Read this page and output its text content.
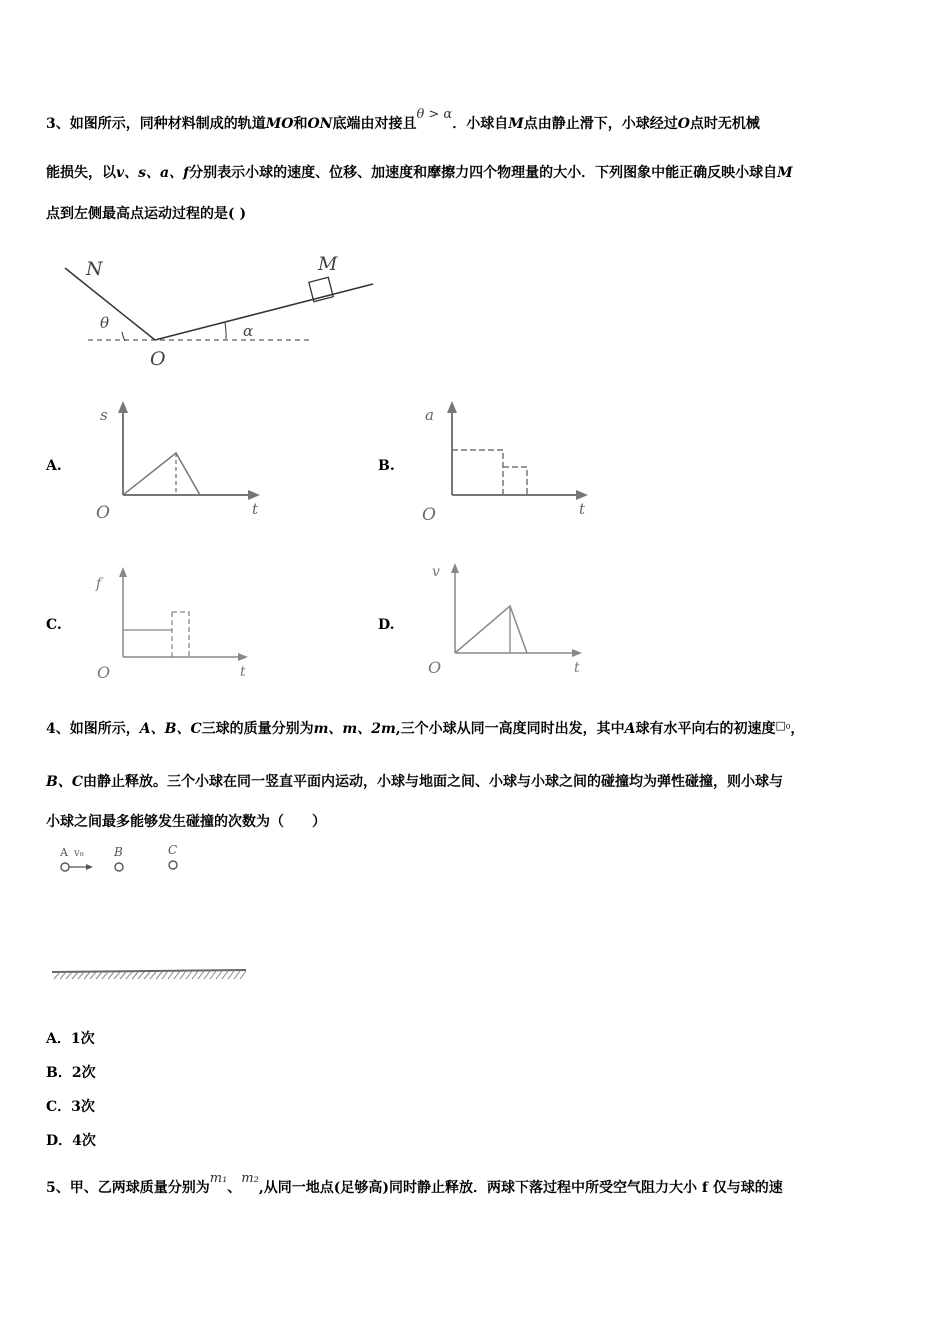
3、如图所示，同种材料制成的轨道MO和ON底端由对接且θ > α．小球自M点由静止滑下，小球经过O点时无机械
能损失，以v、s、a、f分别表示小球的速度、位移、加速度和摩擦力四个物理量的大小．下列图象中能正确反映小球自M
点到左侧最高点运动过程的是( )
N	M
θ	α
O
A.
s
t
O
B.
a
t
O
C.
f
t
O
D.
v
t
O
4、如图所示，A、B、C三球的质量分别为m、m、2m,三个小球从同一高度同时出发，其中A球有水平向右的初速度$^{□_0}$，
B、C由静止释放。三个小球在同一竖直平面内运动，小球与地面之间、小球与小球之间的碰撞均为弹性碰撞，则小球与
小球之间最多能够发生碰撞的次数为（　　）
A v₀	B	C
A．1次
B．2次
C．3次
D．4次
5、甲、乙两球质量分别为m₁、m₂,从同一地点(足够高)同时静止释放．两球下落过程中所受空气阻力大小 f 仅与球的速
